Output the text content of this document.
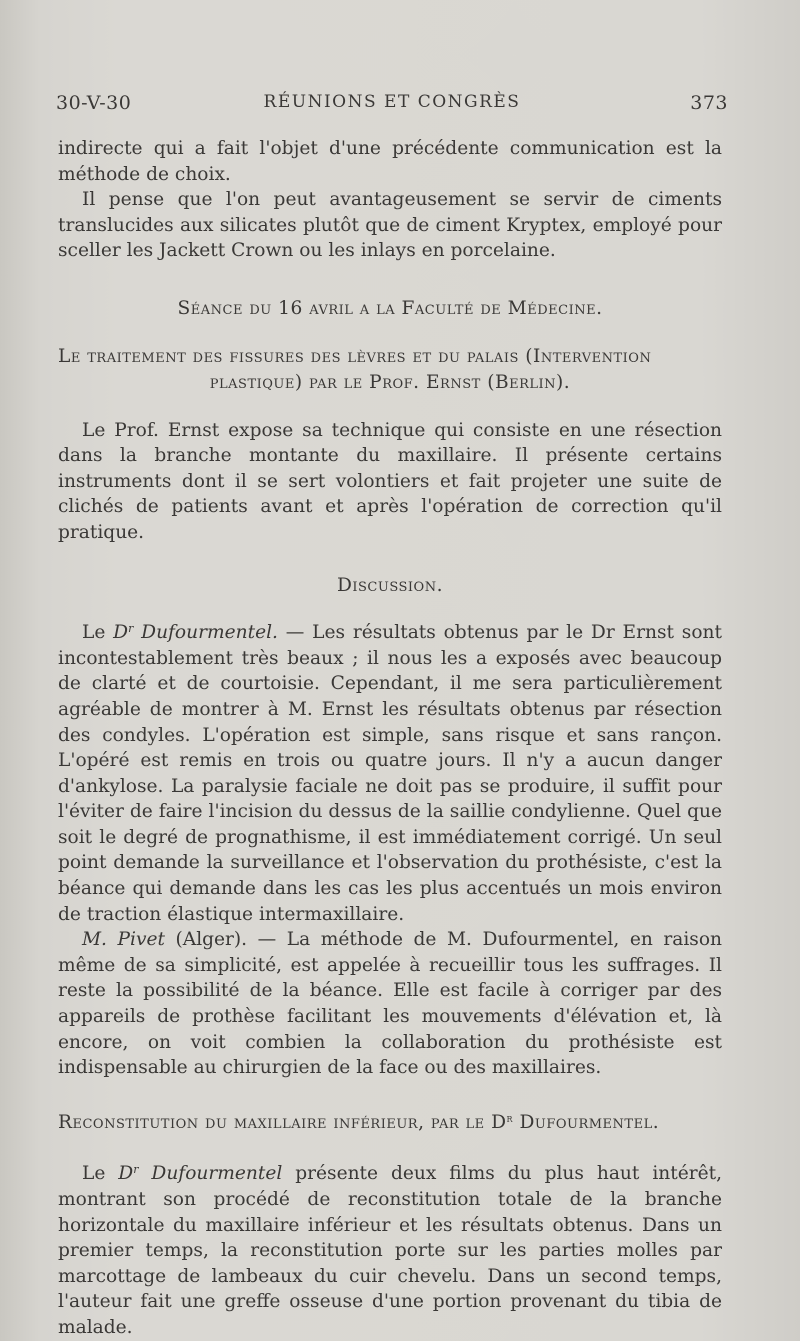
30-V-30	RÉUNIONS ET CONGRÈS	373

indirecte qui a fait l'objet d'une précédente communication est la méthode de choix.

Il pense que l'on peut avantageusement se servir de ciments translucides aux silicates plutôt que de ciment Kryptex, employé pour sceller les Jackett Crown ou les inlays en porcelaine.

Séance du 16 avril a la Faculté de Médecine.

Le traitement des fissures des lèvres et du palais (Intervention
plastique) par le Prof. Ernst (Berlin).

Le Prof. Ernst expose sa technique qui consiste en une résection dans la branche montante du maxillaire. Il présente certains instruments dont il se sert volontiers et fait projeter une suite de clichés de patients avant et après l'opération de correction qu'il pratique.

Discussion.

Le $D^r$ Dufourmentel. — Les résultats obtenus par le Dr Ernst sont incontestablement très beaux ; il nous les a exposés avec beaucoup de clarté et de courtoisie. Cependant, il me sera particulièrement agréable de montrer à M. Ernst les résultats obtenus par résection des condyles. L'opération est simple, sans risque et sans rançon. L'opéré est remis en trois ou quatre jours. Il n'y a aucun danger d'ankylose. La paralysie faciale ne doit pas se produire, il suffit pour l'éviter de faire l'incision du dessus de la saillie condylienne. Quel que soit le degré de prognathisme, il est immédiatement corrigé. Un seul point demande la surveillance et l'observation du prothésiste, c'est la béance qui demande dans les cas les plus accentués un mois environ de traction élastique intermaxillaire.

M. Pivet (Alger). — La méthode de M. Dufourmentel, en raison même de sa simplicité, est appelée à recueillir tous les suffrages. Il reste la possibilité de la béance. Elle est facile à corriger par des appareils de prothèse facilitant les mouvements d'élévation et, là encore, on voit combien la collaboration du prothésiste est indispensable au chirurgien de la face ou des maxillaires.

Reconstitution du maxillaire inférieur, par le $D^r$ Dufourmentel.

Le $D^r$ Dufourmentel présente deux films du plus haut intérêt, montrant son procédé de reconstitution totale de la branche horizontale du maxillaire inférieur et les résultats obtenus. Dans un premier temps, la reconstitution porte sur les parties molles par marcottage de lambeaux du cuir chevelu. Dans un second temps, l'auteur fait une greffe osseuse d'une portion provenant du tibia de malade.
